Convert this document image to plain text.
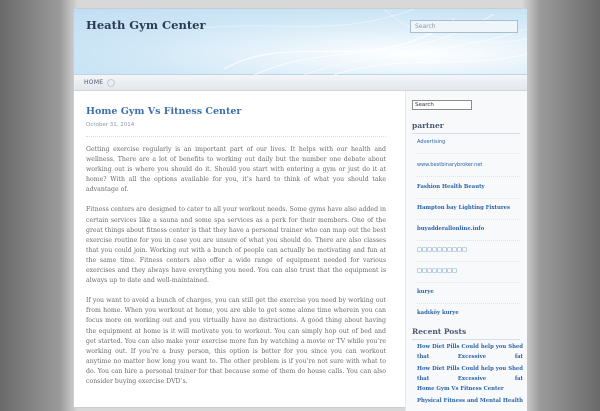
Heath Gym Center	Search
HOME
Home Gym Vs Fitness Center
October 31, 2014

Getting exercise regularly is an important part of our lives. It helps with our health and wellness. There are a lot of benefits to working out daily but the number one debate about working out is where you should do it. Should you start with entering a gym or just do it at home? With all the options available for you, it’s hard to think of what you should take advantage of.

Fitness centers are designed to cater to all your workout needs. Some gyms have also added in certain services like a sauna and some spa services as a perk for their members. One of the great things about fitness center is that they have a personal trainer who can map out the best exercise routine for you in case you are unsure of what you should do. There are also classes that you could join. Working out with a bunch of people can actually be motivating and fun at the same time. Fitness centers also offer a wide range of equipment needed for various exercises and they always have everything you need. You can also trust that the equipment is always up to date and well-maintained.

If you want to avoid a bunch of charges, you can still get the exercise you need by working out from home. When you workout at home, you are able to get some alone time wherein you can focus more on working out and you virtually have no distractions. A good thing about having the equipment at home is it will motivate you to workout. You can simply hop out of bed and get started. You can also make your exercise more fun by watching a movie or TV while you’re working out. If you’re a busy person, this option is better for you since you can workout anytime no matter how long you want to. The other problem is if you’re not sure with what to do. You can hire a personal trainer for that because some of them do house calls. You can also consider buying exercise DVD’s.

Search
partner
Advertising
www.bestbinarybroker.net
Fashion Health Beauty
Hampton bay Lighting Fixtures
buyadderallonline.info
□□□□□□□□□□
□□□□□□□□
kurye
kadıköy kurye
Recent Posts
How Diet Pills Could help you Shed that Excessive fat
How Diet Pills Could help you Shed that Excessive fat
Home Gym Vs Fitness Center
Physical Fitness and Mental Health
